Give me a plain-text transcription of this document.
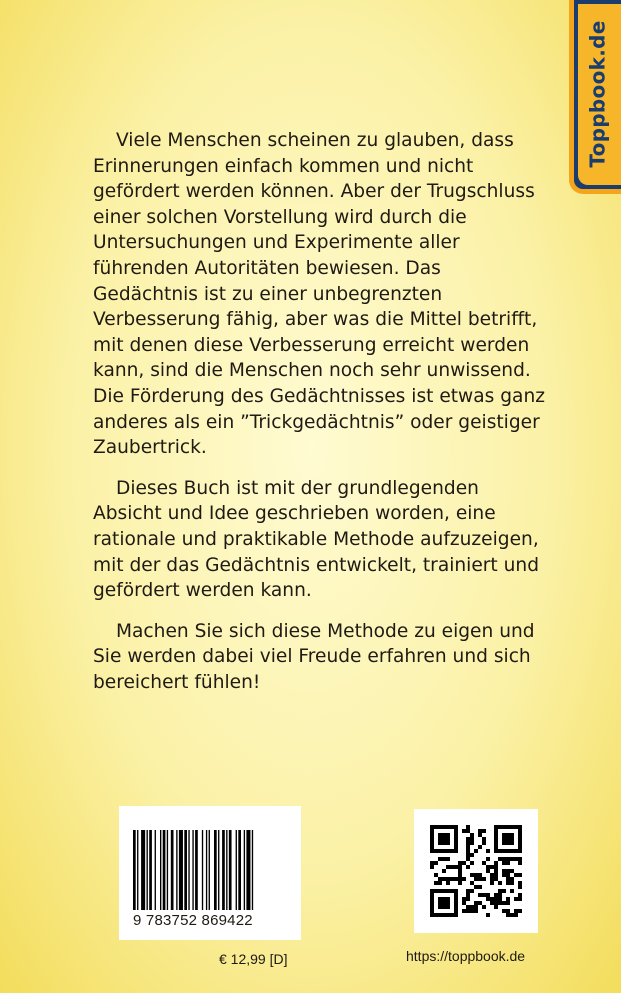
Toppbook.de

Viele Menschen scheinen zu glauben, dass Erinnerungen einfach kommen und nicht gefördert werden können. Aber der Trugschluss einer solchen Vorstellung wird durch die Untersuchungen und Experimente aller führenden Autoritäten bewiesen. Das Gedächtnis ist zu einer unbegrenzten Verbesserung fähig, aber was die Mittel betrifft, mit denen diese Verbesserung erreicht werden kann, sind die Menschen noch sehr unwissend. Die Förderung des Gedächtnisses ist etwas ganz anderes als ein ”Trickgedächtnis” oder geistiger Zaubertrick.

Dieses Buch ist mit der grundlegenden Absicht und Idee geschrieben worden, eine rationale und praktikable Methode aufzuzeigen, mit der das Gedächtnis entwickelt, trainiert und gefördert werden kann.

Machen Sie sich diese Methode zu eigen und Sie werden dabei viel Freude erfahren und sich bereichert fühlen!

9 783752 869422
€ 12,99 [D]	https://toppbook.de
